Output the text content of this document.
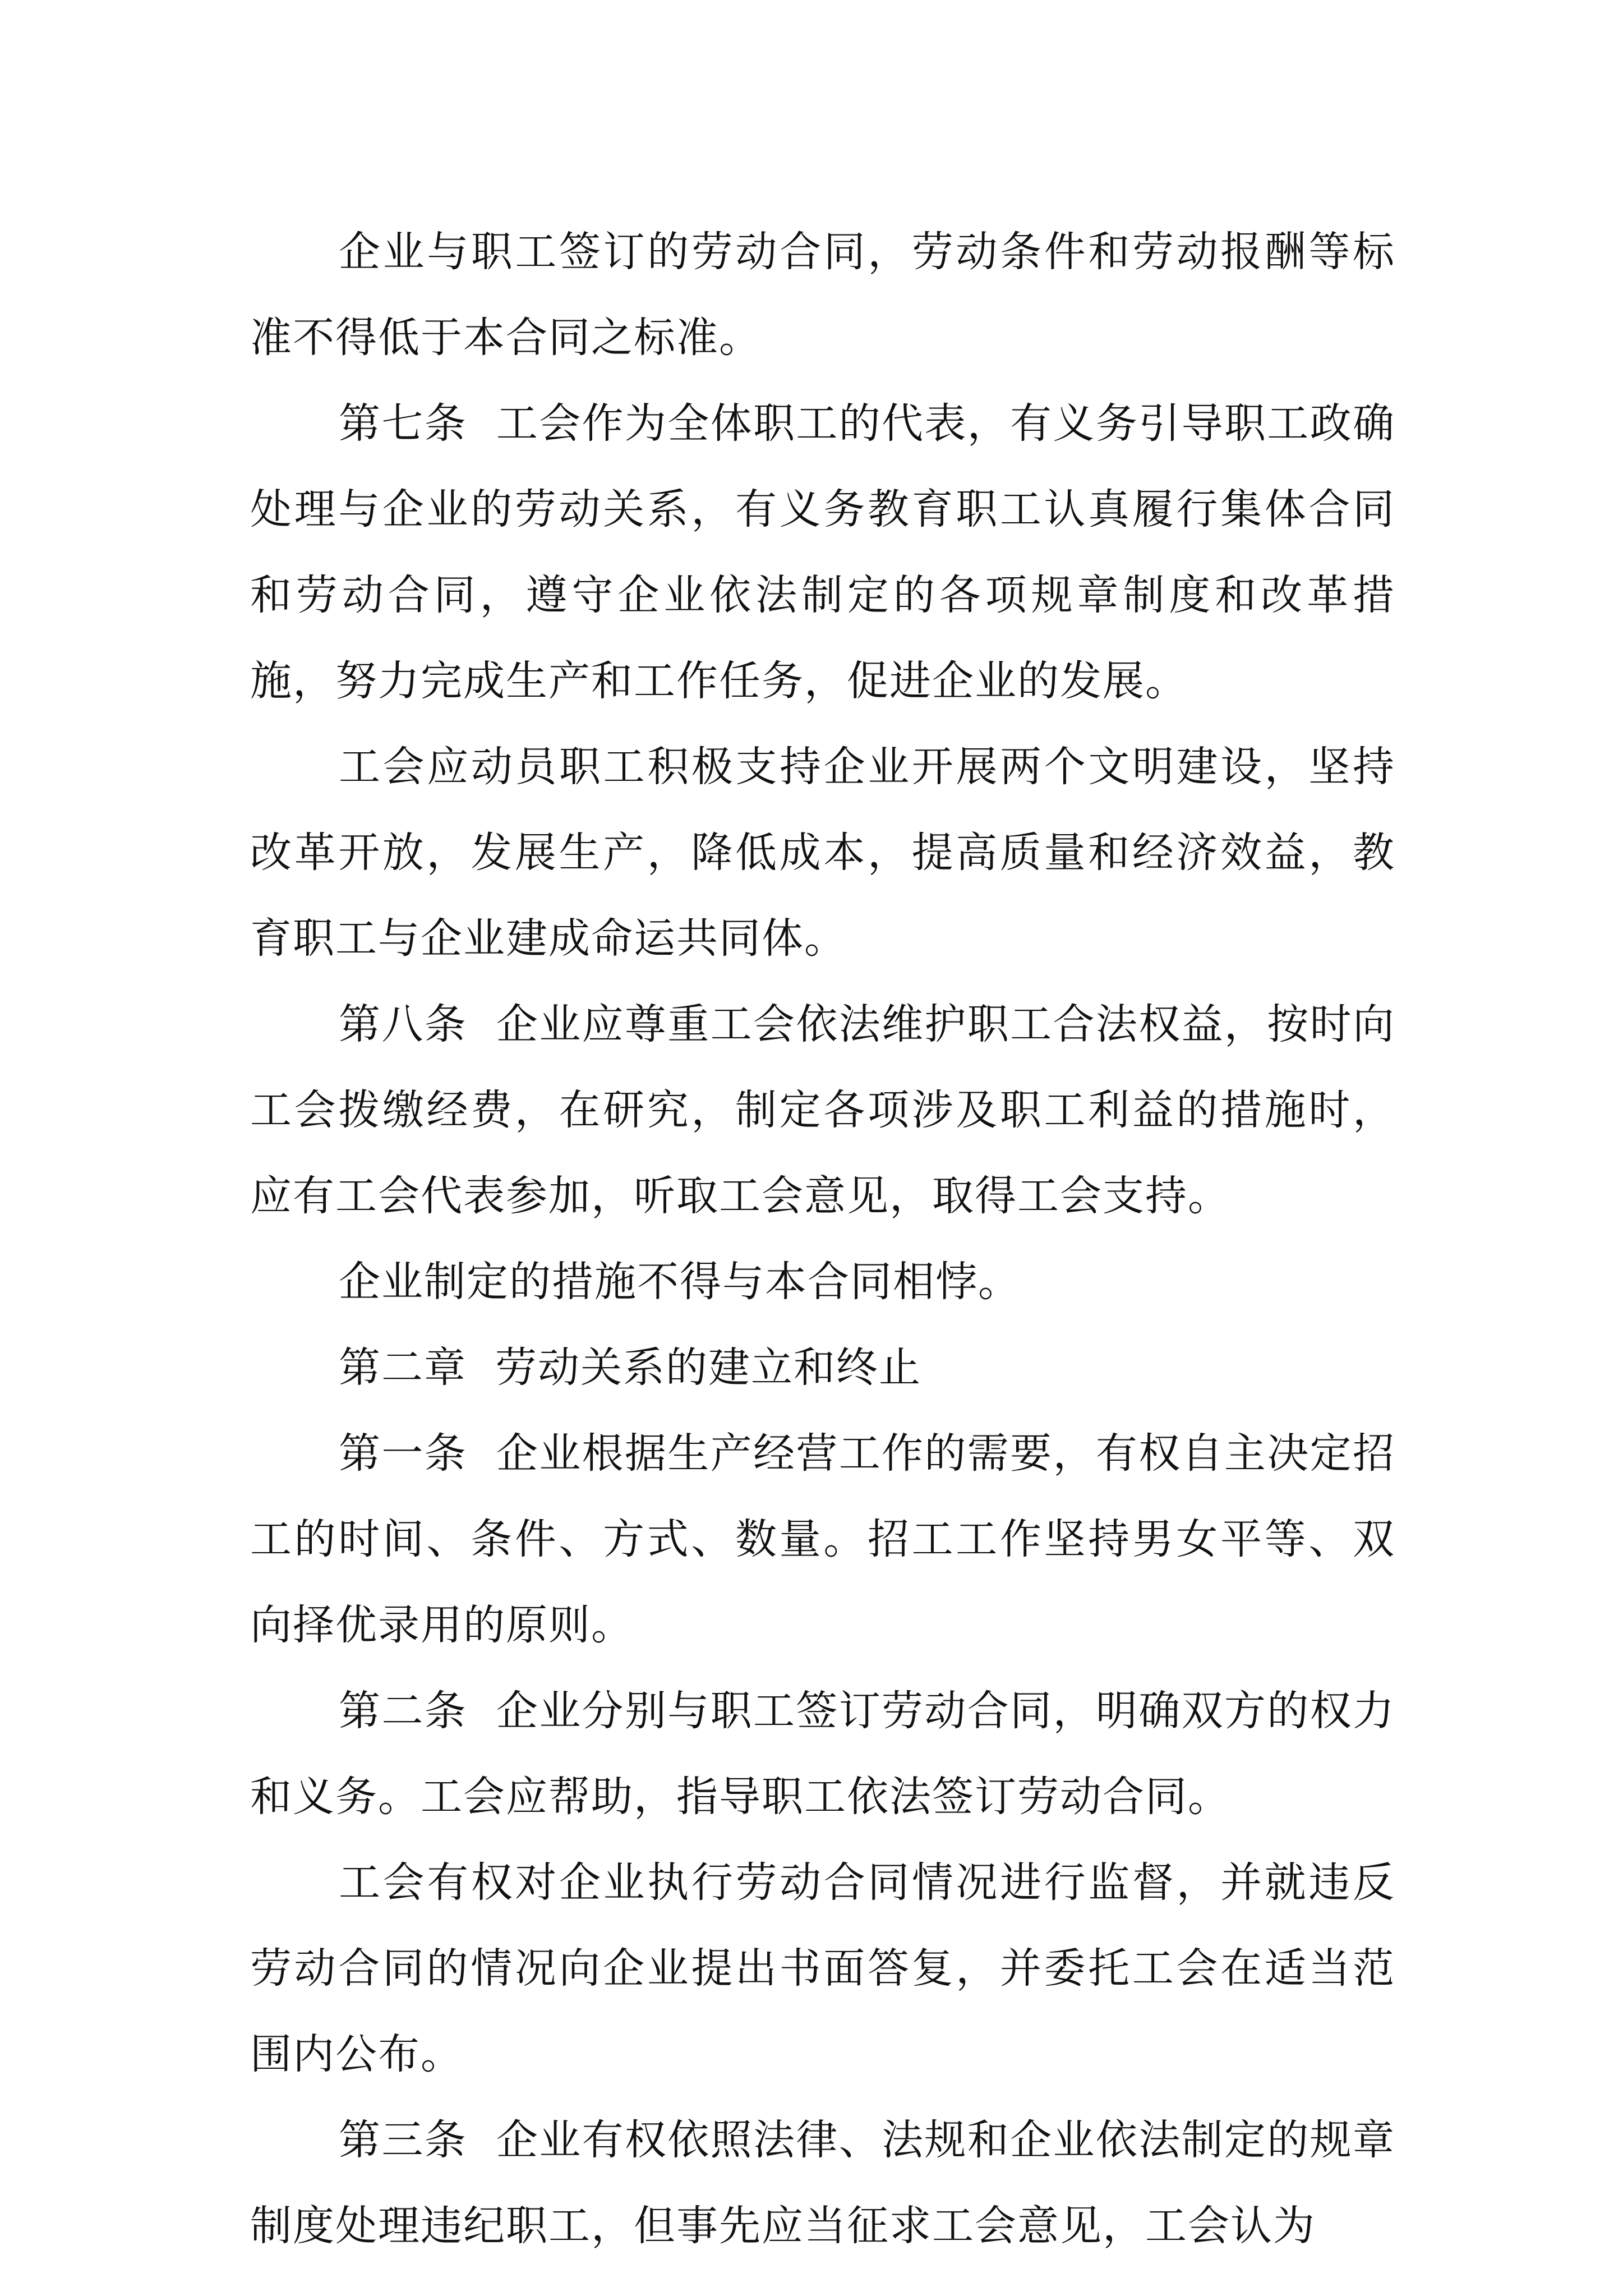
企业与职工签订的劳动合同，劳动条件和劳动报酬等标准不得低于本合同之标准。

第七条  工会作为全体职工的代表，有义务引导职工政确处理与企业的劳动关系，有义务教育职工认真履行集体合同和劳动合同，遵守企业依法制定的各项规章制度和改革措施，努力完成生产和工作任务，促进企业的发展。

工会应动员职工积极支持企业开展两个文明建设，坚持改革开放，发展生产，降低成本，提高质量和经济效益，教育职工与企业建成命运共同体。

第八条  企业应尊重工会依法维护职工合法权益，按时向工会拨缴经费，在研究，制定各项涉及职工利益的措施时，应有工会代表参加，听取工会意见，取得工会支持。

企业制定的措施不得与本合同相悖。

第二章  劳动关系的建立和终止

第一条  企业根据生产经营工作的需要，有权自主决定招工的时间、条件、方式、数量。招工工作坚持男女平等、双向择优录用的原则。

第二条  企业分别与职工签订劳动合同，明确双方的权力和义务。工会应帮助，指导职工依法签订劳动合同。

工会有权对企业执行劳动合同情况进行监督，并就违反劳动合同的情况向企业提出书面答复，并委托工会在适当范围内公布。

第三条  企业有权依照法律、法规和企业依法制定的规章制度处理违纪职工，但事先应当征求工会意见，工会认为
